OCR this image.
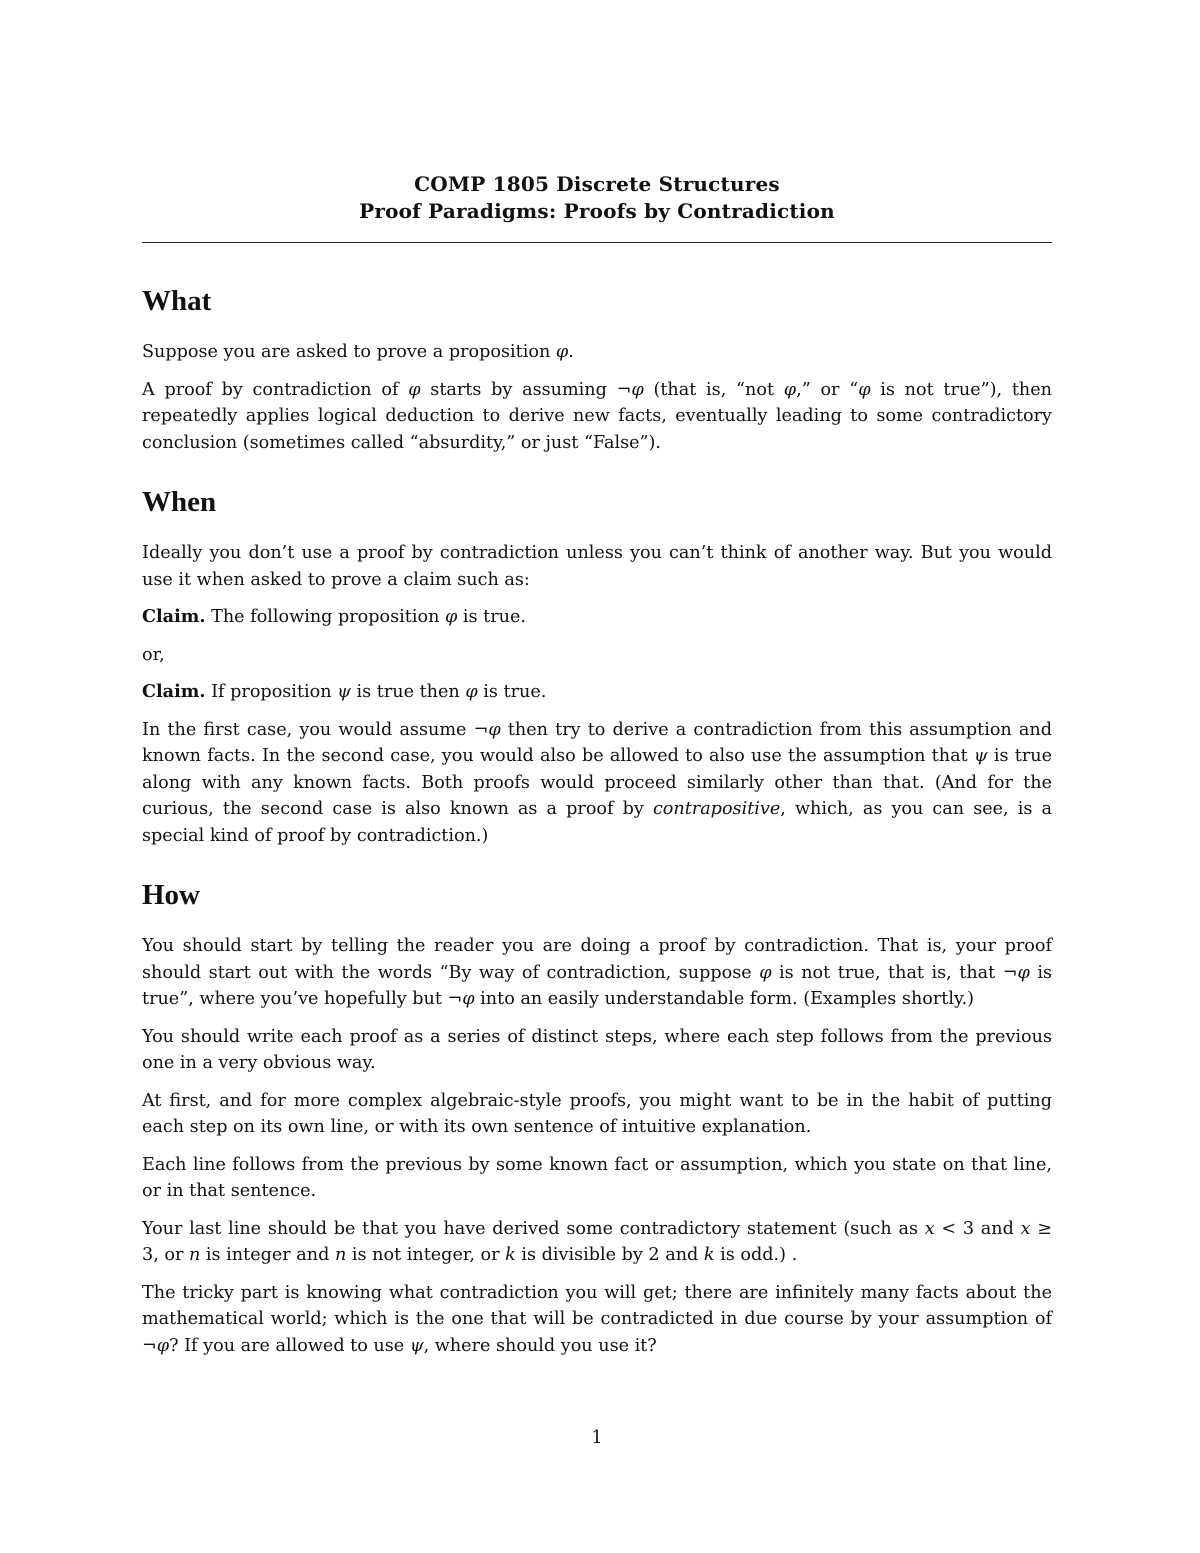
COMP 1805 Discrete Structures
Proof Paradigms: Proofs by Contradiction
What

Suppose you are asked to prove a proposition φ.

A proof by contradiction of φ starts by assuming ¬φ (that is, “not φ,” or “φ is not true”), then repeatedly applies logical deduction to derive new facts, eventually leading to some contradictory conclusion (sometimes called “absurdity,” or just “False”).

When

Ideally you don’t use a proof by contradiction unless you can’t think of another way. But you would use it when asked to prove a claim such as:

Claim. The following proposition φ is true.

or,

Claim. If proposition ψ is true then φ is true.

In the first case, you would assume ¬φ then try to derive a contradiction from this assumption and known facts. In the second case, you would also be allowed to also use the assumption that ψ is true along with any known facts. Both proofs would proceed similarly other than that. (And for the curious, the second case is also known as a proof by contrapositive, which, as you can see, is a special kind of proof by contradiction.)

How

You should start by telling the reader you are doing a proof by contradiction. That is, your proof should start out with the words “By way of contradiction, suppose φ is not true, that is, that ¬φ is true”, where you’ve hopefully but ¬φ into an easily understandable form. (Examples shortly.)

You should write each proof as a series of distinct steps, where each step follows from the previous one in a very obvious way.

At first, and for more complex algebraic-style proofs, you might want to be in the habit of putting each step on its own line, or with its own sentence of intuitive explanation.

Each line follows from the previous by some known fact or assumption, which you state on that line, or in that sentence.

Your last line should be that you have derived some contradictory statement (such as x < 3 and x ≥ 3, or n is integer and n is not integer, or k is divisible by 2 and k is odd.) .

The tricky part is knowing what contradiction you will get; there are infinitely many facts about the mathematical world; which is the one that will be contradicted in due course by your assumption of ¬φ? If you are allowed to use ψ, where should you use it?

1
